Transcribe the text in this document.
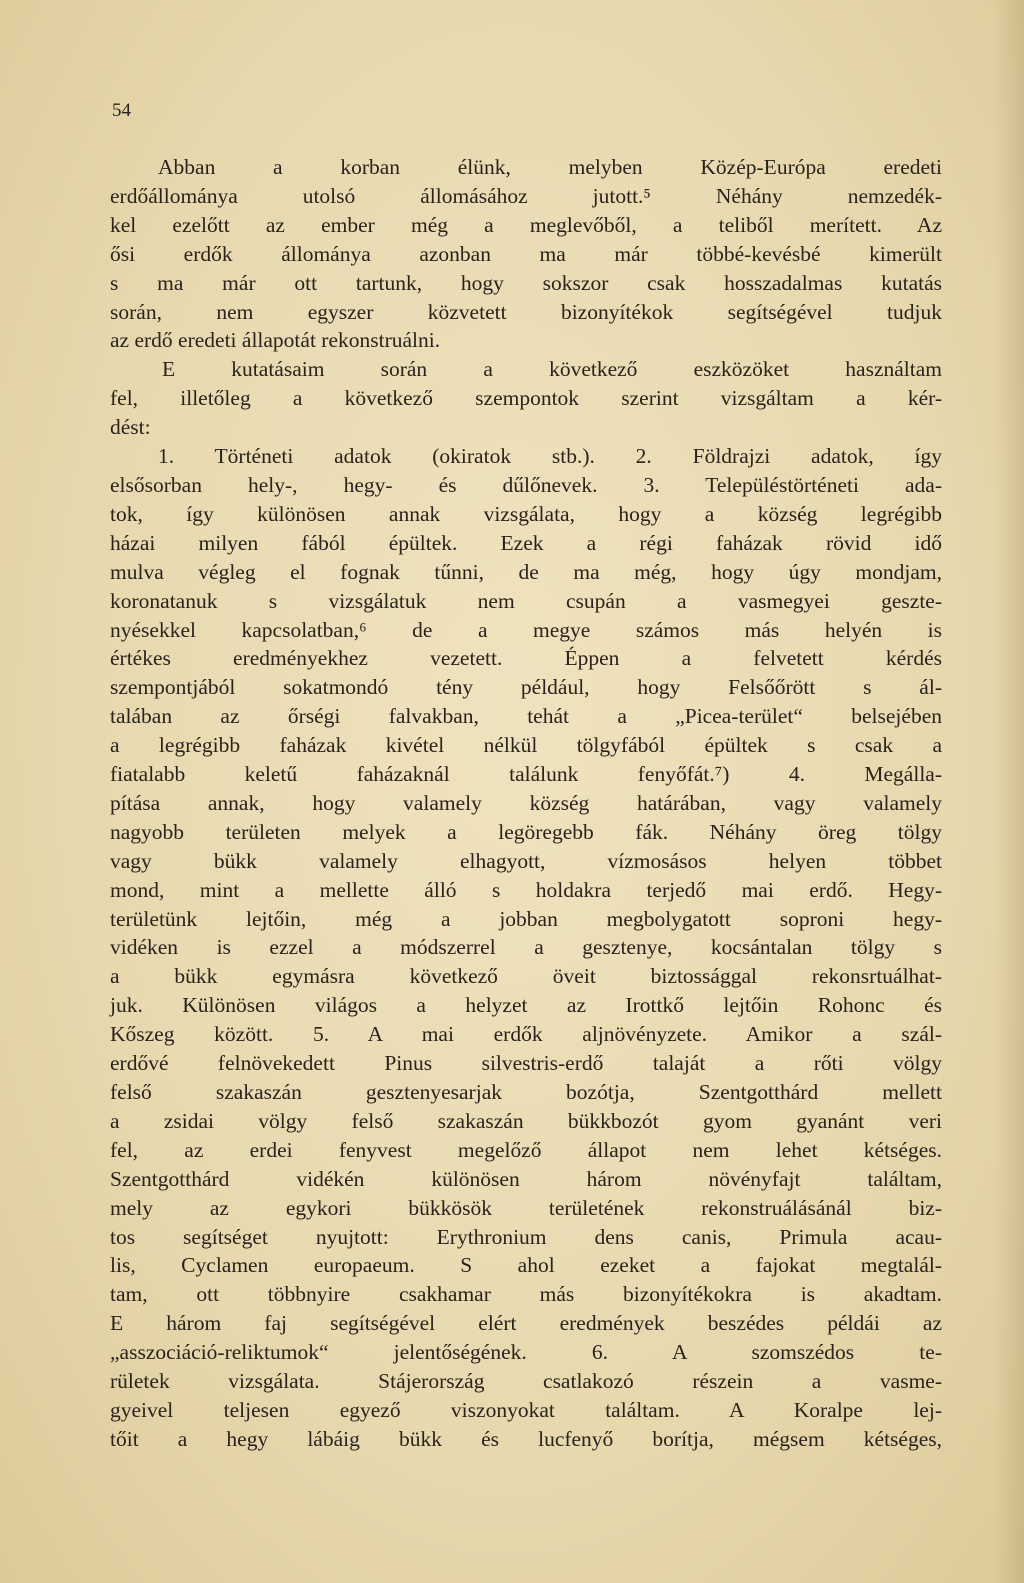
54
Abban a korban élünk, melyben Közép-Európa eredeti
erdőállománya utolsó állomásához jutott.⁵ Néhány nemzedék-
kel ezelőtt az ember még a meglevőből, a teliből merített. Az
ősi erdők állománya azonban ma már többé-kevésbé kimerült
s ma már ott tartunk, hogy sokszor csak hosszadalmas kutatás
során, nem egyszer közvetett bizonyítékok segítségével tudjuk
az erdő eredeti állapotát rekonstruálni.
E kutatásaim során a következő eszközöket használtam
fel, illetőleg a következő szempontok szerint vizsgáltam a kér-
dést:
1. Történeti adatok (okiratok stb.). 2. Földrajzi adatok, így
elsősorban hely-, hegy- és dűlőnevek. 3. Településtörténeti ada-
tok, így különösen annak vizsgálata, hogy a község legrégibb
házai milyen fából épültek. Ezek a régi faházak rövid idő
mulva végleg el fognak tűnni, de ma még, hogy úgy mondjam,
koronatanuk s vizsgálatuk nem csupán a vasmegyei geszte-
nyésekkel kapcsolatban,⁶ de a megye számos más helyén is
értékes eredményekhez vezetett. Éppen a felvetett kérdés
szempontjából sokatmondó tény például, hogy Felsőőrött s ál-
talában az őrségi falvakban, tehát a „Picea-terület“ belsejében
a legrégibb faházak kivétel nélkül tölgyfából épültek s csak a
fiatalabb keletű faházaknál találunk fenyőfát.⁷) 4. Megálla-
pítása annak, hogy valamely község határában, vagy valamely
nagyobb területen melyek a legöregebb fák. Néhány öreg tölgy
vagy bükk valamely elhagyott, vízmosásos helyen többet
mond, mint a mellette álló s holdakra terjedő mai erdő. Hegy-
területünk lejtőin, még a jobban megbolygatott soproni hegy-
vidéken is ezzel a módszerrel a gesztenye, kocsántalan tölgy s
a bükk egymásra következő öveit biztossággal rekonsrtuálhat-
juk. Különösen világos a helyzet az Irottkő lejtőin Rohonc és
Kőszeg között. 5. A mai erdők aljnövényzete. Amikor a szál-
erdővé felnövekedett Pinus silvestris-erdő talaját a rőti völgy
felső szakaszán gesztenyesarjak bozótja, Szentgotthárd mellett
a zsidai völgy felső szakaszán bükkbozót gyom gyanánt veri
fel, az erdei fenyvest megelőző állapot nem lehet kétséges.
Szentgotthárd vidékén különösen három növényfajt találtam,
mely az egykori bükkösök területének rekonstruálásánál biz-
tos segítséget nyujtott: Erythronium dens canis, Primula acau-
lis, Cyclamen europaeum. S ahol ezeket a fajokat megtalál-
tam, ott többnyire csakhamar más bizonyítékokra is akadtam.
E három faj segítségével elért eredmények beszédes példái az
„asszociáció-reliktumok“ jelentőségének. 6. A szomszédos te-
rületek vizsgálata. Stájerország csatlakozó részein a vasme-
gyeivel teljesen egyező viszonyokat találtam. A Koralpe lej-
tőit a hegy lábáig bükk és lucfenyő borítja, mégsem kétséges,
